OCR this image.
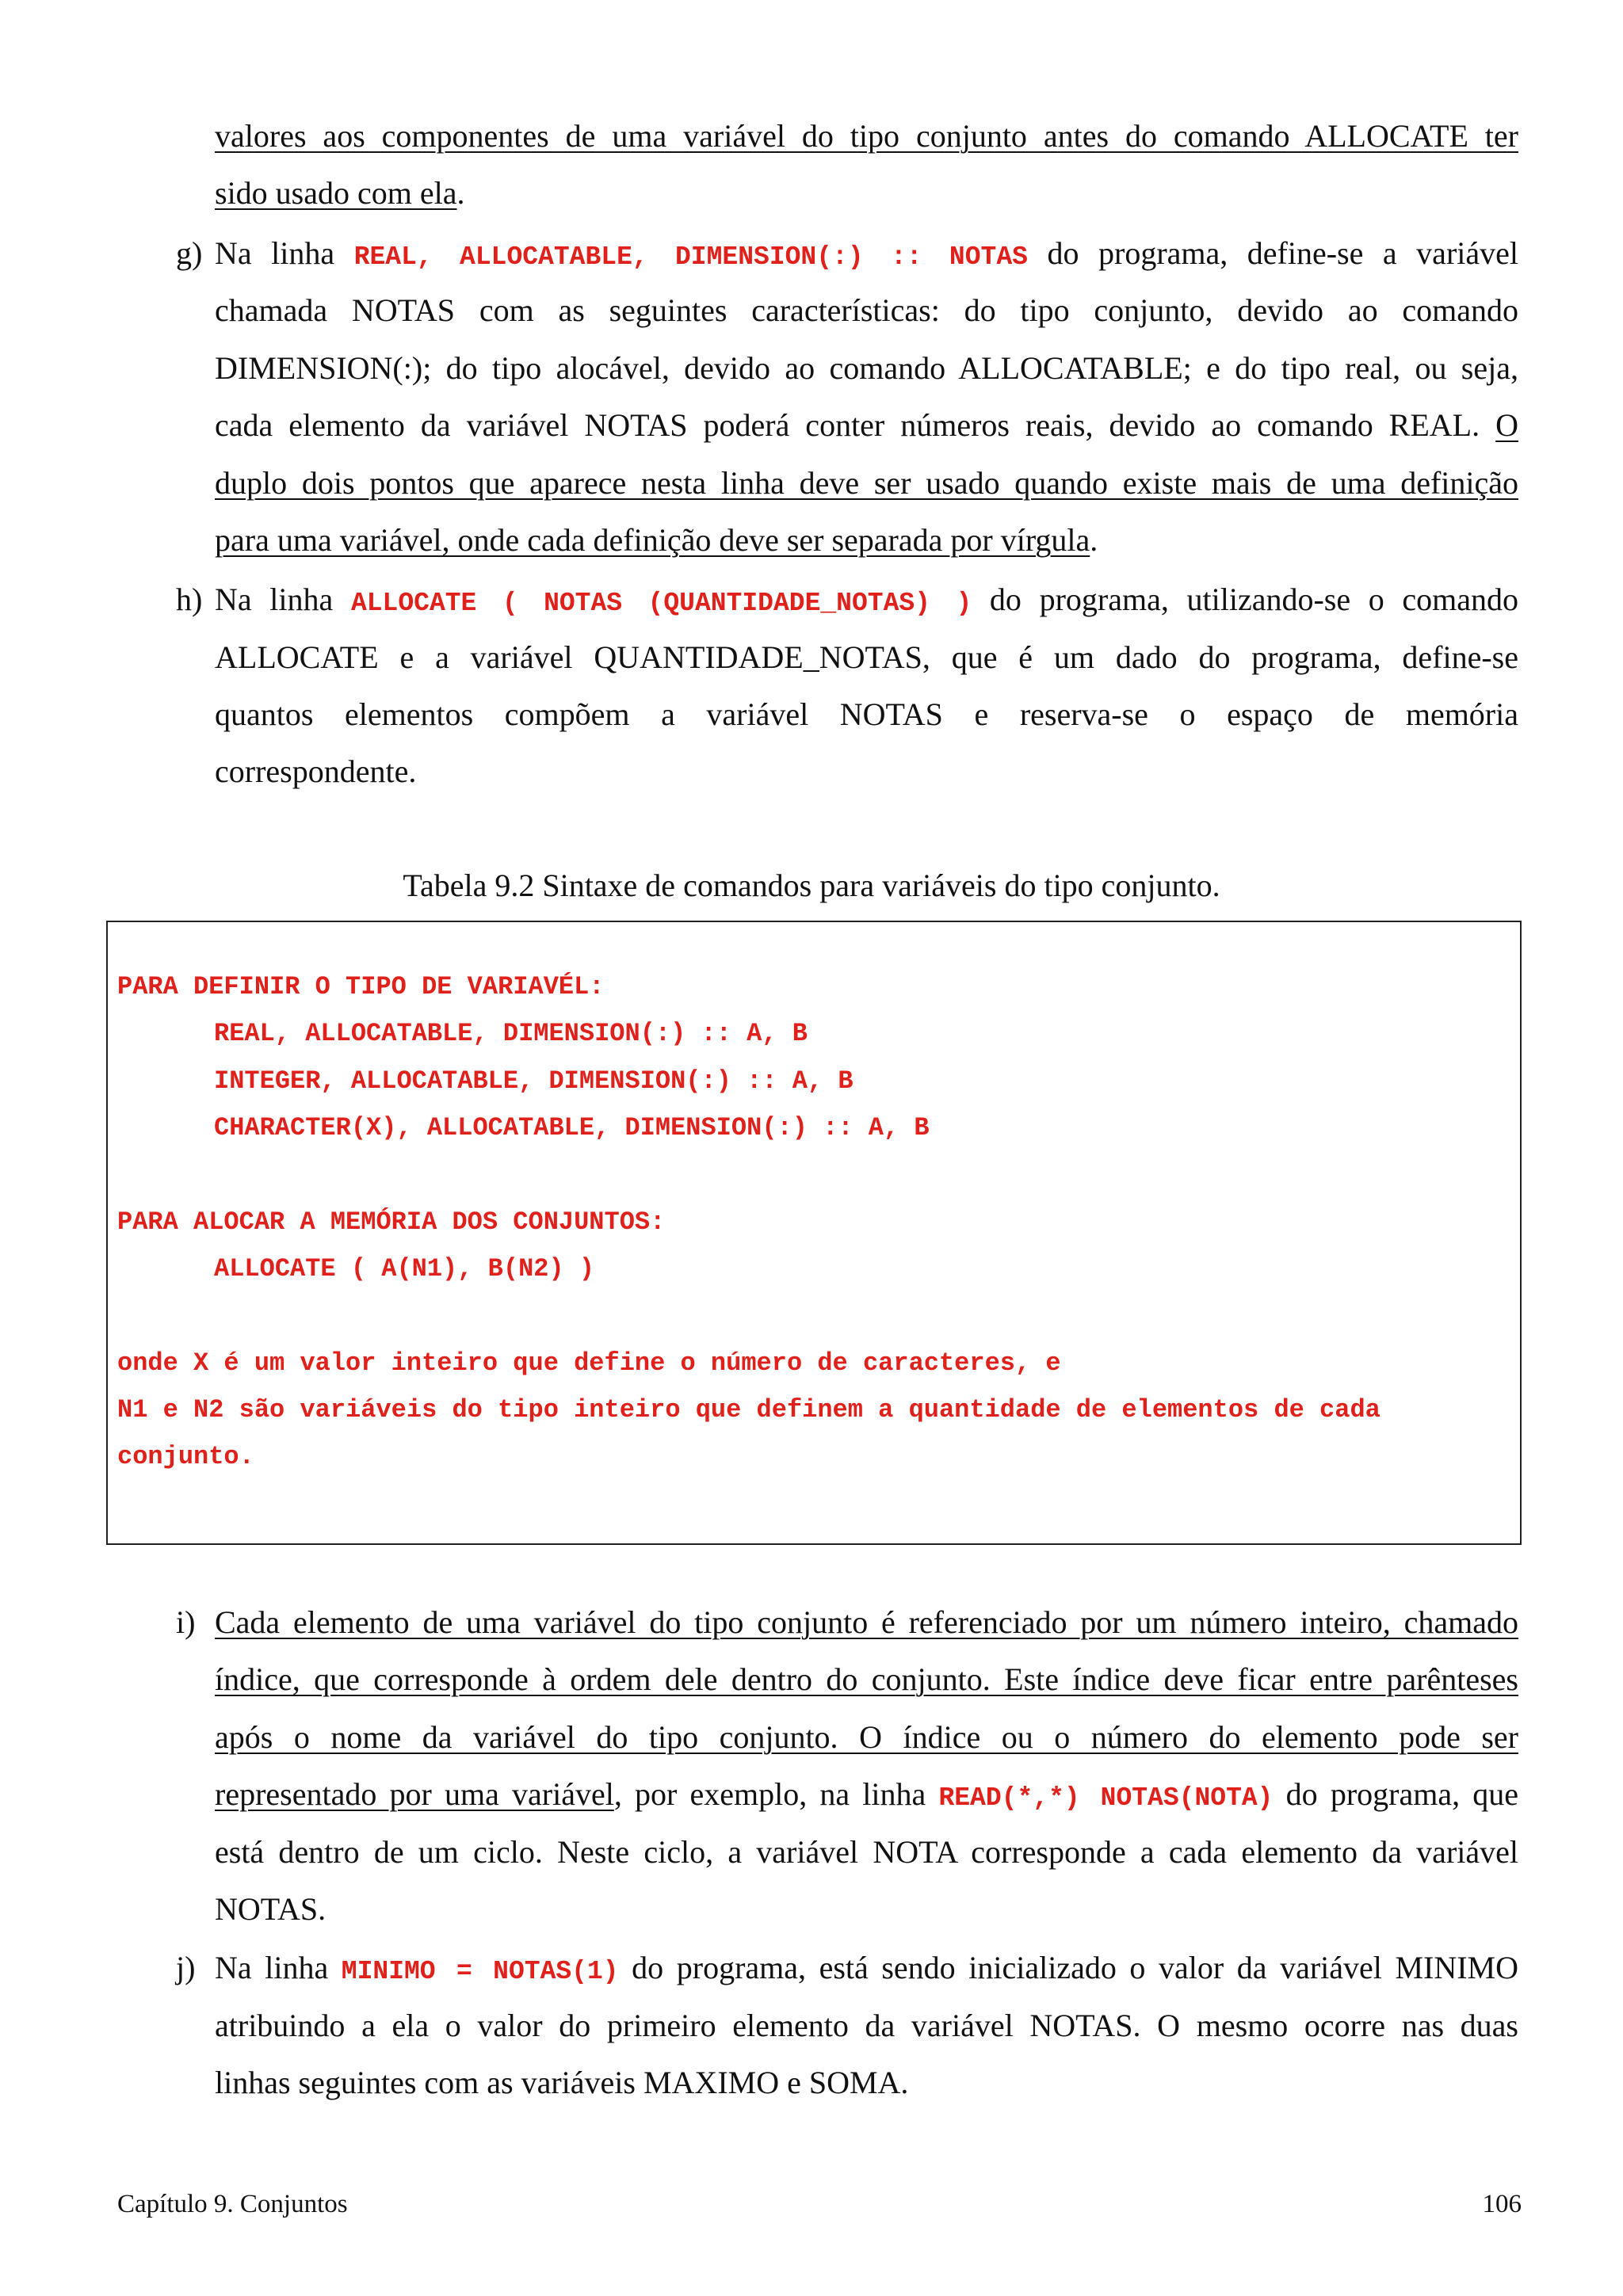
valores aos componentes de uma variável do tipo conjunto antes do comando ALLOCATE ter
sido usado com ela.
g) Na linha REAL, ALLOCATABLE, DIMENSION(:) :: NOTAS do programa, define-se a variável
chamada NOTAS com as seguintes características: do tipo conjunto, devido ao comando
DIMENSION(:); do tipo alocável, devido ao comando ALLOCATABLE; e do tipo real, ou seja,
cada elemento da variável NOTAS poderá conter números reais, devido ao comando REAL. O
duplo dois pontos que aparece nesta linha deve ser usado quando existe mais de uma definição
para uma variável, onde cada definição deve ser separada por vírgula.
h) Na linha ALLOCATE ( NOTAS (QUANTIDADE_NOTAS) ) do programa, utilizando-se o comando
ALLOCATE e a variável QUANTIDADE_NOTAS, que é um dado do programa, define-se
quantos elementos compõem a variável NOTAS e reserva-se o espaço de memória
correspondente.
Tabela 9.2 Sintaxe de comandos para variáveis do tipo conjunto.
PARA DEFINIR O TIPO DE VARIAVÉL:
REAL, ALLOCATABLE, DIMENSION(:) :: A, B
INTEGER, ALLOCATABLE, DIMENSION(:) :: A, B
CHARACTER(X), ALLOCATABLE, DIMENSION(:) :: A, B
PARA ALOCAR A MEMÓRIA DOS CONJUNTOS:
ALLOCATE ( A(N1), B(N2) )
onde X é um valor inteiro que define o número de caracteres, e
N1 e N2 são variáveis do tipo inteiro que definem a quantidade de elementos de cada
conjunto.
i) Cada elemento de uma variável do tipo conjunto é referenciado por um número inteiro, chamado
índice, que corresponde à ordem dele dentro do conjunto. Este índice deve ficar entre parênteses
após o nome da variável do tipo conjunto. O índice ou o número do elemento pode ser
representado por uma variável, por exemplo, na linha READ(*,*) NOTAS(NOTA) do programa, que
está dentro de um ciclo. Neste ciclo, a variável NOTA corresponde a cada elemento da variável
NOTAS.
j) Na linha MINIMO = NOTAS(1) do programa, está sendo inicializado o valor da variável MINIMO
atribuindo a ela o valor do primeiro elemento da variável NOTAS. O mesmo ocorre nas duas
linhas seguintes com as variáveis MAXIMO e SOMA.
Capítulo 9. Conjuntos	106
